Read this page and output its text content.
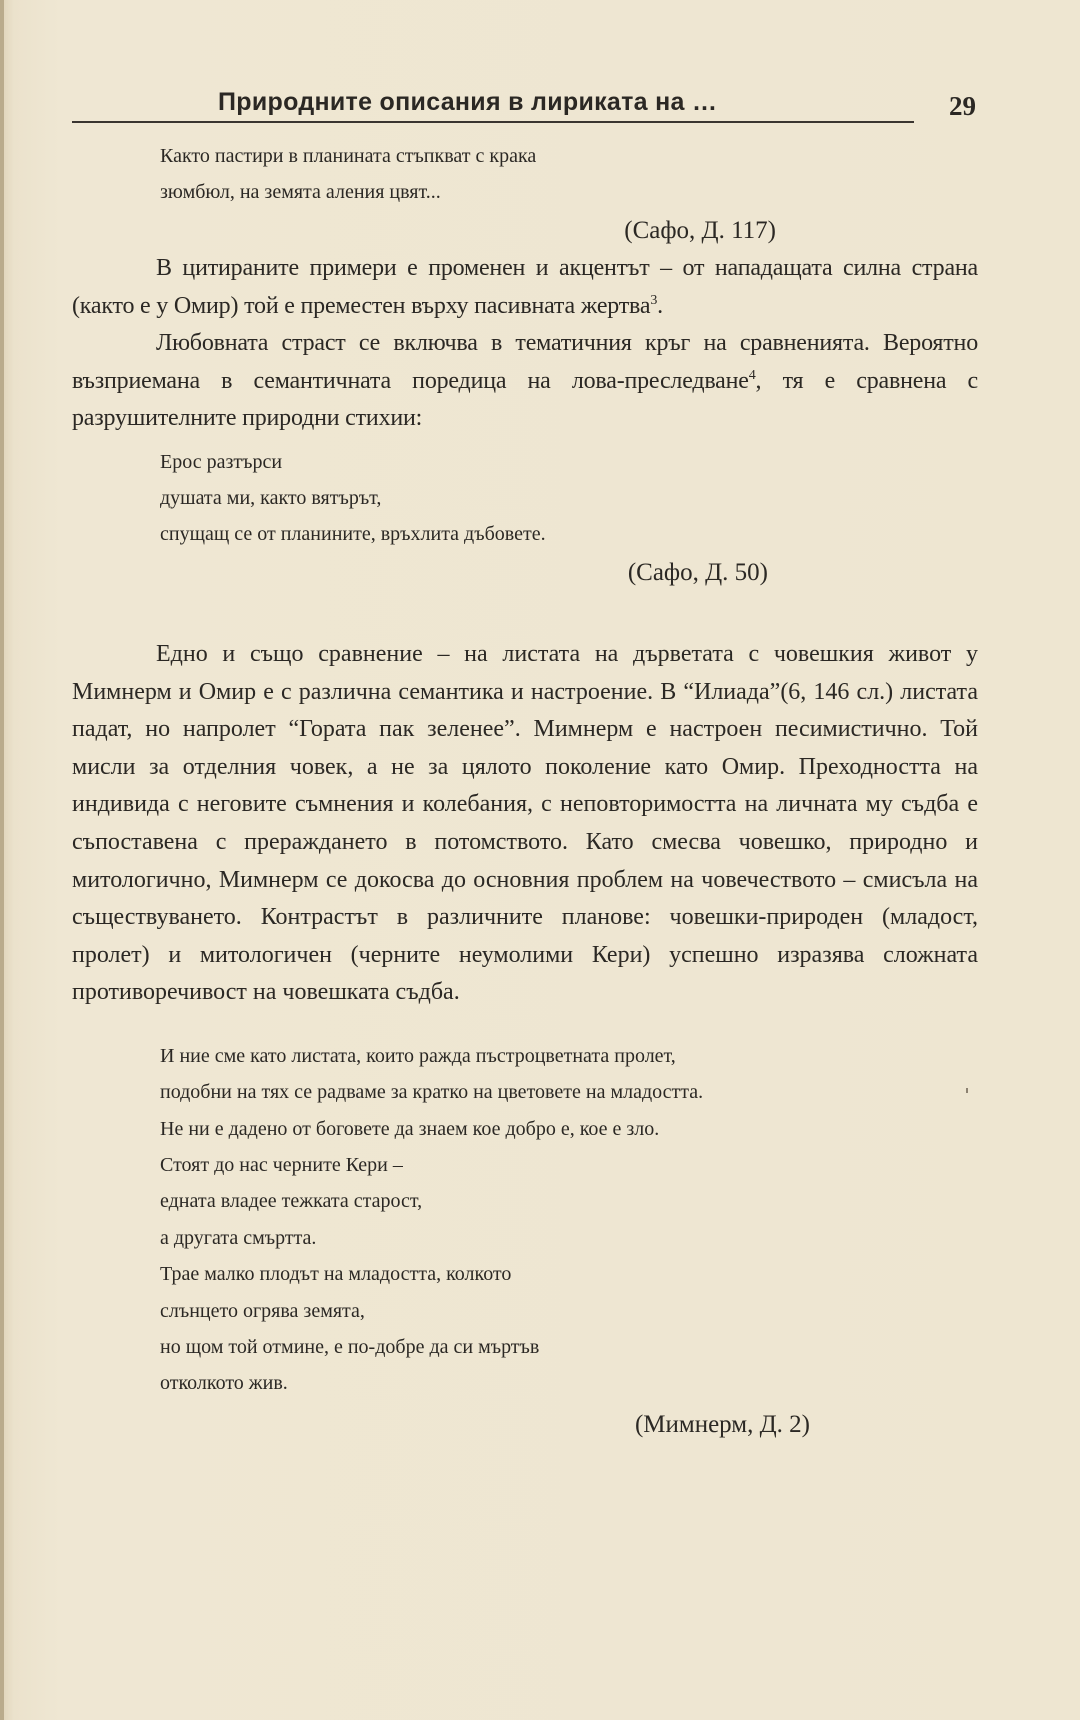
Природните описания в лириката на …	29
Както пастири в планината стъпкват с крака
зюмбюл, на земята аления цвят...
(Сафо, Д. 117)

В цитираните примери е променен и акцентът – от нападащата силна страна (както е у Омир) той е преместен върху пасивната жертва$^3$.

Любовната страст се включва в тематичния кръг на сравненията. Вероятно възприемана в семантичната поредица на лова-преследване$^4$, тя е сравнена с разрушителните природни стихии:

Ерос разтърси
душата ми, както вятърът,
спущащ се от планините, връхлита дъбовете.
(Сафо, Д. 50)

Едно и също сравнение – на листата на дърветата с човешкия живот у Мимнерм и Омир е с различна семантика и настроение. В “Илиада”(6, 146 сл.) листата падат, но напролет “Гората пак зеленее”. Мимнерм е настроен песимистично. Той мисли за отделния човек, а не за цялото поколение като Омир. Преходността на индивида с неговите съмнения и колебания, с неповторимостта на личната му съдба е съпоставена с прераждането в потомството. Като смесва човешко, природно и митологично, Мимнерм се докосва до основния проблем на човечеството – смисъла на съществуването. Контрастът в различните планове: човешки-природен (младост, пролет) и митологичен (черните неумолими Кери) успешно изразява сложната противоречивост на човешката съдба.

И ние сме като листата, които ражда пъстроцветната пролет,
подобни на тях се радваме за кратко на цветовете на младостта.
Не ни е дадено от боговете да знаем кое добро е, кое е зло.
Стоят до нас черните Кери –
едната владее тежката старост,
а другата смъртта.
Трае малко плодът на младостта, колкото
слънцето огрява земята,
но щом той отмине, е по-добре да си мъртъв
отколкото жив.
(Мимнерм, Д. 2)
